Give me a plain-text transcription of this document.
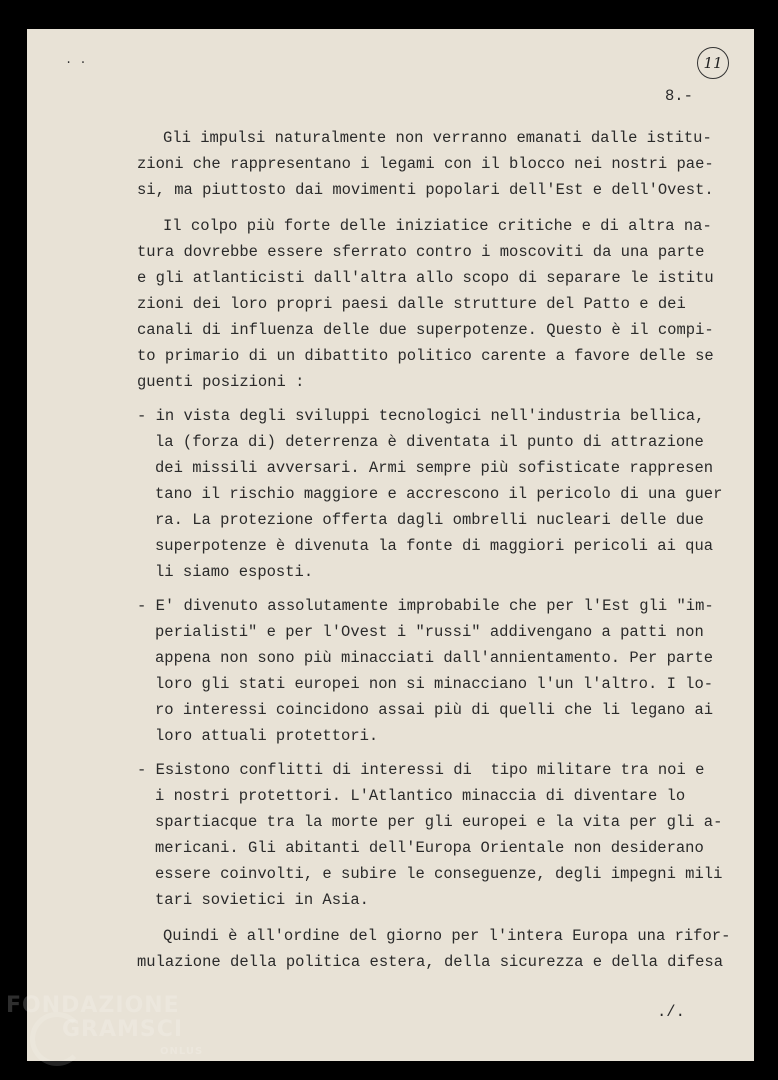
. .	11
8.-
Gli impulsi naturalmente non verranno emanati dalle istitu-
zioni che rappresentano i legami con il blocco nei nostri pae-
si, ma piuttosto dai movimenti popolari dell'Est e dell'Ovest.
Il colpo più forte delle iniziatice critiche e di altra na-
tura dovrebbe essere sferrato contro i moscoviti da una parte
e gli atlanticisti dall'altra allo scopo di separare le istitu
zioni dei loro propri paesi dalle strutture del Patto e dei
canali di influenza delle due superpotenze. Questo è il compi-
to primario di un dibattito politico carente a favore delle se
guenti posizioni :
- in vista degli sviluppi tecnologici nell'industria bellica,
la (forza di) deterrenza è diventata il punto di attrazione
dei missili avversari. Armi sempre più sofisticate rappresen
tano il rischio maggiore e accrescono il pericolo di una guer
ra. La protezione offerta dagli ombrelli nucleari delle due
superpotenze è divenuta la fonte di maggiori pericoli ai qua
li siamo esposti.
- E' divenuto assolutamente improbabile che per l'Est gli "im-
perialisti" e per l'Ovest i "russi" addivengano a patti non
appena non sono più minacciati dall'annientamento. Per parte
loro gli stati europei non si minacciano l'un l'altro. I lo-
ro interessi coincidono assai più di quelli che li legano ai
loro attuali protettori.
- Esistono conflitti di interessi di  tipo militare tra noi e
i nostri protettori. L'Atlantico minaccia di diventare lo
spartiacque tra la morte per gli europei e la vita per gli a-
mericani. Gli abitanti dell'Europa Orientale non desiderano
essere coinvolti, e subire le conseguenze, degli impegni mili
tari sovietici in Asia.
Quindi è all'ordine del giorno per l'intera Europa una rifor-
mulazione della politica estera, della sicurezza e della difesa
./.
FONDAZIONE
GRAMSCI
ONLUS
